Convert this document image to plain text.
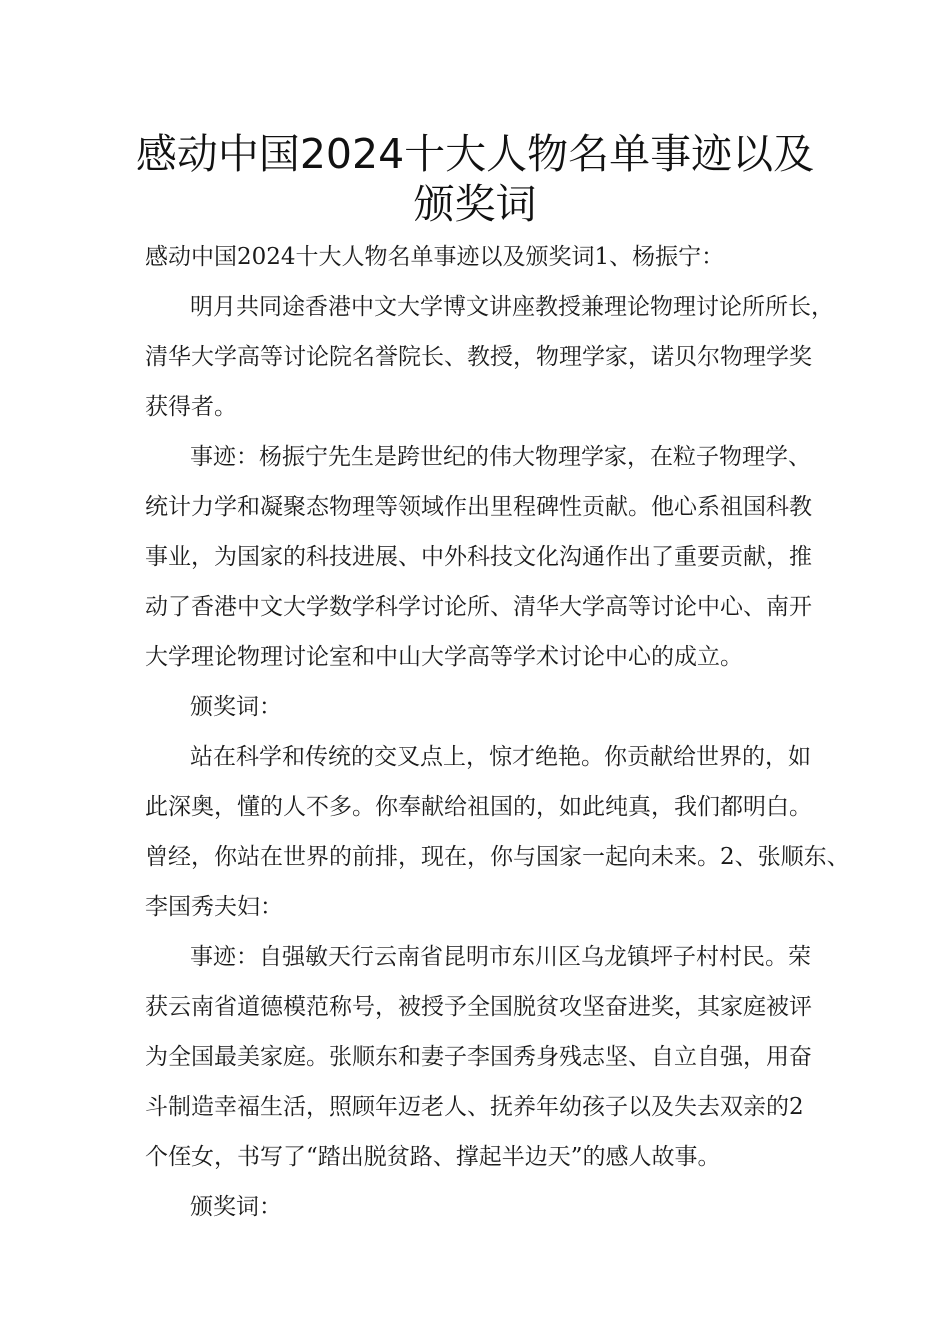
感动中国2024十大人物名单事迹以及
颁奖词
感动中国2024十大人物名单事迹以及颁奖词1、杨振宁：
明月共同途香港中文大学博文讲座教授兼理论物理讨论所所长，
清华大学高等讨论院名誉院长、教授，物理学家，诺贝尔物理学奖
获得者。
事迹：杨振宁先生是跨世纪的伟大物理学家，在粒子物理学、
统计力学和凝聚态物理等领域作出里程碑性贡献。他心系祖国科教
事业，为国家的科技进展、中外科技文化沟通作出了重要贡献，推
动了香港中文大学数学科学讨论所、清华大学高等讨论中心、南开
大学理论物理讨论室和中山大学高等学术讨论中心的成立。
颁奖词：
站在科学和传统的交叉点上，惊才绝艳。你贡献给世界的，如
此深奥，懂的人不多。你奉献给祖国的，如此纯真，我们都明白。
曾经，你站在世界的前排，现在，你与国家一起向未来。2、张顺东、
李国秀夫妇：
事迹：自强敏天行云南省昆明市东川区乌龙镇坪子村村民。荣
获云南省道德模范称号，被授予全国脱贫攻坚奋进奖，其家庭被评
为全国最美家庭。张顺东和妻子李国秀身残志坚、自立自强，用奋
斗制造幸福生活，照顾年迈老人、抚养年幼孩子以及失去双亲的2
个侄女，书写了“踏出脱贫路、撑起半边天”的感人故事。
颁奖词：
